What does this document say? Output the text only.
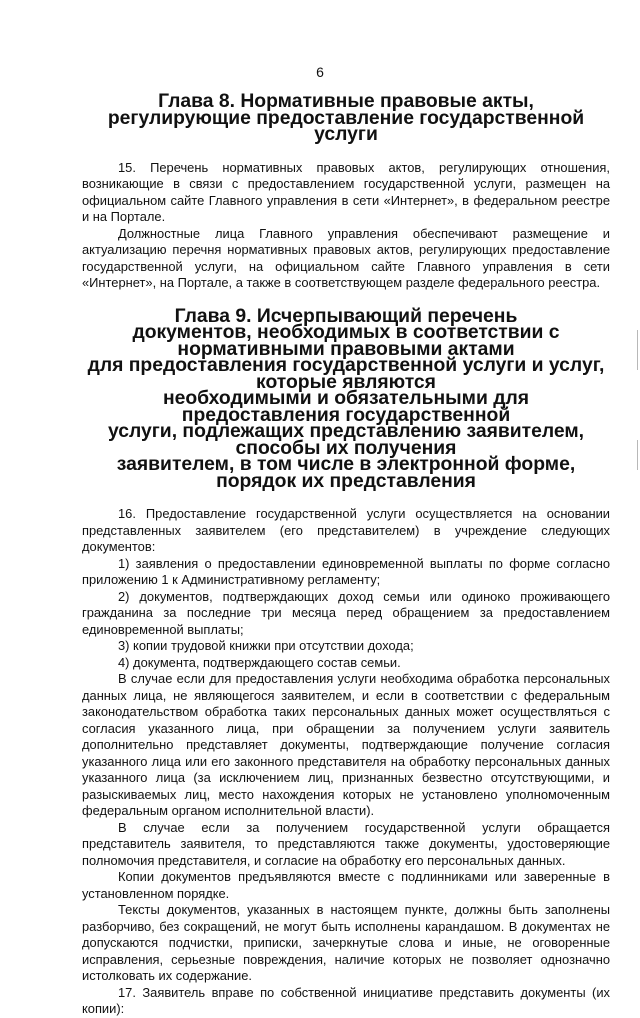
6
Глава 8. Нормативные правовые акты,
регулирующие предоставление государственной услуги

15. Перечень нормативных правовых актов, регулирующих отношения, возникающие в связи с предоставлением государственной услуги, размещен на официальном сайте Главного управления в сети «Интернет», в федеральном реестре и на Портале.

Должностные лица Главного управления обеспечивают размещение и актуализацию перечня нормативных правовых актов, регулирующих предоставление государственной услуги, на официальном сайте Главного управления в сети «Интернет», на Портале, а также в соответствующем разделе федерального реестра.

Глава 9. Исчерпывающий перечень
документов, необходимых в соответствии с нормативными правовыми актами
для предоставления государственной услуги и услуг, которые являются
необходимыми и обязательными для предоставления государственной
услуги, подлежащих представлению заявителем, способы их получения
заявителем, в том числе в электронной форме, порядок их представления

16. Предоставление государственной услуги осуществляется на основании представленных заявителем (его представителем) в учреждение следующих документов:

1) заявления о предоставлении единовременной выплаты по форме согласно приложению 1 к Административному регламенту;

2) документов, подтверждающих доход семьи или одиноко проживающего гражданина за последние три месяца перед обращением за предоставлением единовременной выплаты;

3) копии трудовой книжки при отсутствии дохода;

4) документа, подтверждающего состав семьи.

В случае если для предоставления услуги необходима обработка персональных данных лица, не являющегося заявителем, и если в соответствии с федеральным законодательством обработка таких персональных данных может осуществляться с согласия указанного лица, при обращении за получением услуги заявитель дополнительно представляет документы, подтверждающие получение согласия указанного лица или его законного представителя на обработку персональных данных указанного лица (за исключением лиц, признанных безвестно отсутствующими, и разыскиваемых лиц, место нахождения которых не установлено уполномоченным федеральным органом исполнительной власти).

В случае если за получением государственной услуги обращается представитель заявителя, то представляются также документы, удостоверяющие полномочия представителя, и согласие на обработку его персональных данных.

Копии документов предъявляются вместе с подлинниками или заверенные в установленном порядке.

Тексты документов, указанных в настоящем пункте, должны быть заполнены разборчиво, без сокращений, не могут быть исполнены карандашом. В документах не допускаются подчистки, приписки, зачеркнутые слова и иные, не оговоренные исправления, серьезные повреждения, наличие которых не позволяет однозначно истолковать их содержание.

17. Заявитель вправе по собственной инициативе представить документы (их копии):
